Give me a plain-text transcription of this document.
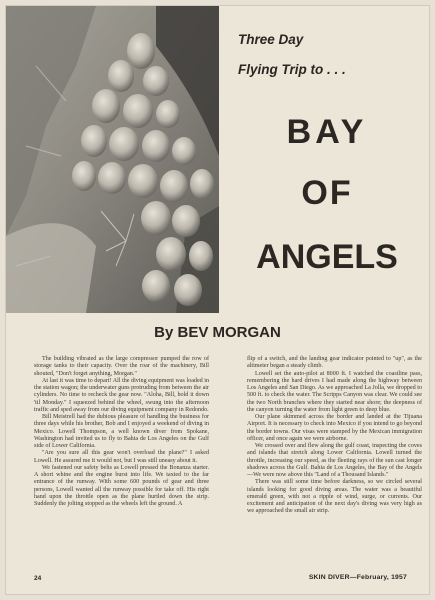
Three Day
Flying Trip to . . .
BAY
OF
ANGELS
By BEV MORGAN

The building vibrated as the large compressor pumped the row of storage tanks to their capacity. Over the roar of the machinery, Bill shouted, "Don't forget anything, Morgan."

At last it was time to depart! All the diving equipment was loaded in the station wagon; the underwater guns protruding from between the air cylinders. No time to recheck the gear now. "Aloha, Bill, hold it down 'til Monday." I squeezed behind the wheel, swung into the afternoon traffic and sped away from our diving equipment company in Redondo.

Bill Meistrell had the dubious pleasure of handling the business for three days while his brother, Bob and I enjoyed a weekend of diving in Mexico. Lowell Thompson, a well known diver from Spokane, Washington had invited us to fly to Bahia de Los Angeles on the Gulf side of Lower California.

"Are you sure all this gear won't overload the plane?" I asked Lowell. He assured me it would not, but I was still uneasy about it.

We fastened our safety belts as Lowell pressed the Bonanza starter. A short whine and the engine burst into life. We taxied to the far entrance of the runway. With some 600 pounds of gear and three persons, Lowell wanted all the runway possible for take off. His right hand upon the throttle open as the plane hurtled down the strip. Suddenly the jolting stopped as the wheels left the ground. A

flip of a switch, and the landing gear indicator pointed to "up", as the altimeter began a steady climb.

Lowell set the auto-pilot at 8000 ft. I watched the coastline pass, remembering the hard drives I had made along the highway between Los Angeles and San Diego. As we approached La Jolla, we dropped to 500 ft. to check the water. The Scripps Canyon was clear. We could see the two North branches where they started near shore; the deepness of the canyon turning the water from light green to deep blue.

Our plane skimmed across the border and landed at the Tijuana Airport. It is necessary to check into Mexico if you intend to go beyond the border towns. Our visas were stamped by the Mexican immigration officer, and once again we were airborne.

We crossed over and flew along the gulf coast, inspecting the coves and islands that stretch along Lower California. Lowell turned the throttle, increasing our speed, as the fleeting rays of the sun cast longer shadows across the Gulf. Bahia de Los Angeles, the Bay of the Angels—We were now above this "Land of a Thousand Islands."

There was still some time before darkness, so we circled several islands looking for good diving areas. The water was a beautiful emerald green, with not a ripple of wind, surge, or currents. Our excitement and anticipation of the next day's diving was very high as we approached the small air strip.

24	SKIN DIVER—February, 1957
